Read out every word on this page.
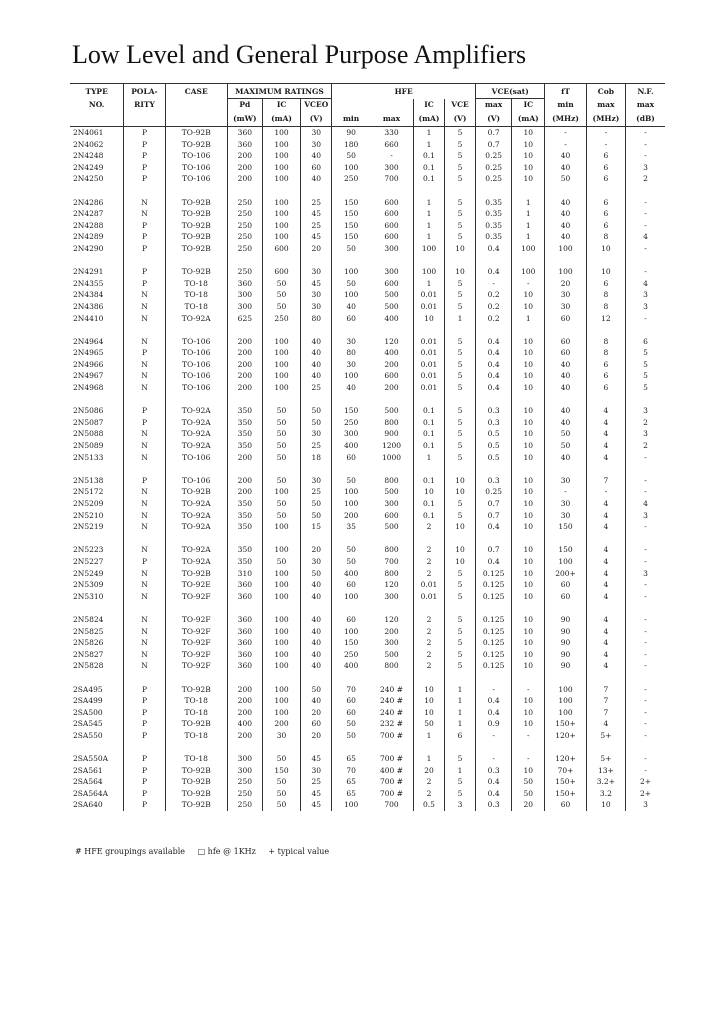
Low Level and General Purpose Amplifiers
TYPE	POLA-	CASE	MAXIMUM RATINGS			HFE				VCE(sat)		fT	Cob	N.F.
NO.	RITY		Pd	IC	VCEO			IC	VCE	max	IC	min	max	max
			(mW)	(mA)	(V)	min	max	(mA)	(V)	(V)	(mA)	(MHz)	(MHz)	(dB)
2N4061	P	TO-92B	360	100	30	90	330	1	5	0.7	10	-	-	-
2N4062	P	TO-92B	360	100	30	180	660	1	5	0.7	10	-	-	-
2N4248	P	TO-106	200	100	40	50	-	0.1	5	0.25	10	40	6	-
2N4249	P	TO-106	200	100	60	100	300	0.1	5	0.25	10	40	6	3
2N4250	P	TO-106	200	100	40	250	700	0.1	5	0.25	10	50	6	2

2N4286	N	TO-92B	250	100	25	150	600	1	5	0.35	1	40	6	-
2N4287	N	TO-92B	250	100	45	150	600	1	5	0.35	1	40	6	-
2N4288	P	TO-92B	250	100	25	150	600	1	5	0.35	1	40	6	-
2N4289	P	TO-92B	250	100	45	150	600	1	5	0.35	1	40	8	4
2N4290	P	TO-92B	250	600	20	50	300	100	10	0.4	100	100	10	-

2N4291	P	TO-92B	250	600	30	100	300	100	10	0.4	100	100	10	-
2N4355	P	TO-18	360	50	45	50	600	1	5	-	-	20	6	4
2N4384	N	TO-18	300	50	30	100	500	0.01	5	0.2	10	30	8	3
2N4386	N	TO-18	300	50	30	40	500	0.01	5	0.2	10	30	8	3
2N4410	N	TO-92A	625	250	80	60	400	10	1	0.2	1	60	12	-

2N4964	N	TO-106	200	100	40	30	120	0.01	5	0.4	10	60	8	6
2N4965	P	TO-106	200	100	40	80	400	0.01	5	0.4	10	60	8	5
2N4966	N	TO-106	200	100	40	30	200	0.01	5	0.4	10	40	6	5
2N4967	N	TO-106	200	100	40	100	600	0.01	5	0.4	10	40	6	5
2N4968	N	TO-106	200	100	25	40	200	0.01	5	0.4	10	40	6	5

2N5086	P	TO-92A	350	50	50	150	500	0.1	5	0.3	10	40	4	3
2N5087	P	TO-92A	350	50	50	250	800	0.1	5	0.3	10	40	4	2
2N5088	N	TO-92A	350	50	30	300	900	0.1	5	0.5	10	50	4	3
2N5089	N	TO-92A	350	50	25	400	1200	0.1	5	0.5	10	50	4	2
2N5133	N	TO-106	200	50	18	60	1000	1	5	0.5	10	40	4	-

2N5138	P	TO-106	200	50	30	50	800	0.1	10	0.3	10	30	7	-
2N5172	N	TO-92B	200	100	25	100	500	10	10	0.25	10	-	-	-
2N5209	N	TO-92A	350	50	50	100	300	0.1	5	0.7	10	30	4	4
2N5210	N	TO-92A	350	50	50	200	600	0.1	5	0.7	10	30	4	3
2N5219	N	TO-92A	350	100	15	35	500	2	10	0.4	10	150	4	-

2N5223	N	TO-92A	350	100	20	50	800	2	10	0.7	10	150	4	-
2N5227	P	TO-92A	350	50	30	50	700	2	10	0.4	10	100	4	-
2N5249	N	TO-92B	310	100	50	400	800	2	5	0.125	10	200+	4	3
2N5309	N	TO-92E	360	100	40	60	120	0.01	5	0.125	10	60	4	-
2N5310	N	TO-92F	360	100	40	100	300	0.01	5	0.125	10	60	4	-

2N5824	N	TO-92F	360	100	40	60	120	2	5	0.125	10	90	4	-
2N5825	N	TO-92F	360	100	40	100	200	2	5	0.125	10	90	4	-
2N5826	N	TO-92F	360	100	40	150	300	2	5	0.125	10	90	4	-
2N5827	N	TO-92F	360	100	40	250	500	2	5	0.125	10	90	4	-
2N5828	N	TO-92F	360	100	40	400	800	2	5	0.125	10	90	4	-

2SA495	P	TO-92B	200	100	50	70	240 #	10	1	-	-	100	7	-
2SA499	P	TO-18	200	100	40	60	240 #	10	1	0.4	10	100	7	-
2SA500	P	TO-18	200	100	20	60	240 #	10	1	0.4	10	100	7	-
2SA545	P	TO-92B	400	200	60	50	232 #	50	1	0.9	10	150+	4	-
2SA550	P	TO-18	200	30	20	50	700 #	1	6	-	-	120+	5+	-

2SA550A	P	TO-18	300	50	45	65	700 #	1	5	-	-	120+	5+	-
2SA561	P	TO-92B	300	150	30	70	400 #	20	1	0.3	10	70+	13+	-
2SA564	P	TO-92B	250	50	25	65	700 #	2	5	0.4	50	150+	3.2+	2+
2SA564A	P	TO-92B	250	50	45	65	700 #	2	5	0.4	50	150+	3.2	2+
2SA640	P	TO-92B	250	50	45	100	700	0.5	3	0.3	20	60	10	3
# HFE groupings available □ hfe @ 1KHz + typical value
